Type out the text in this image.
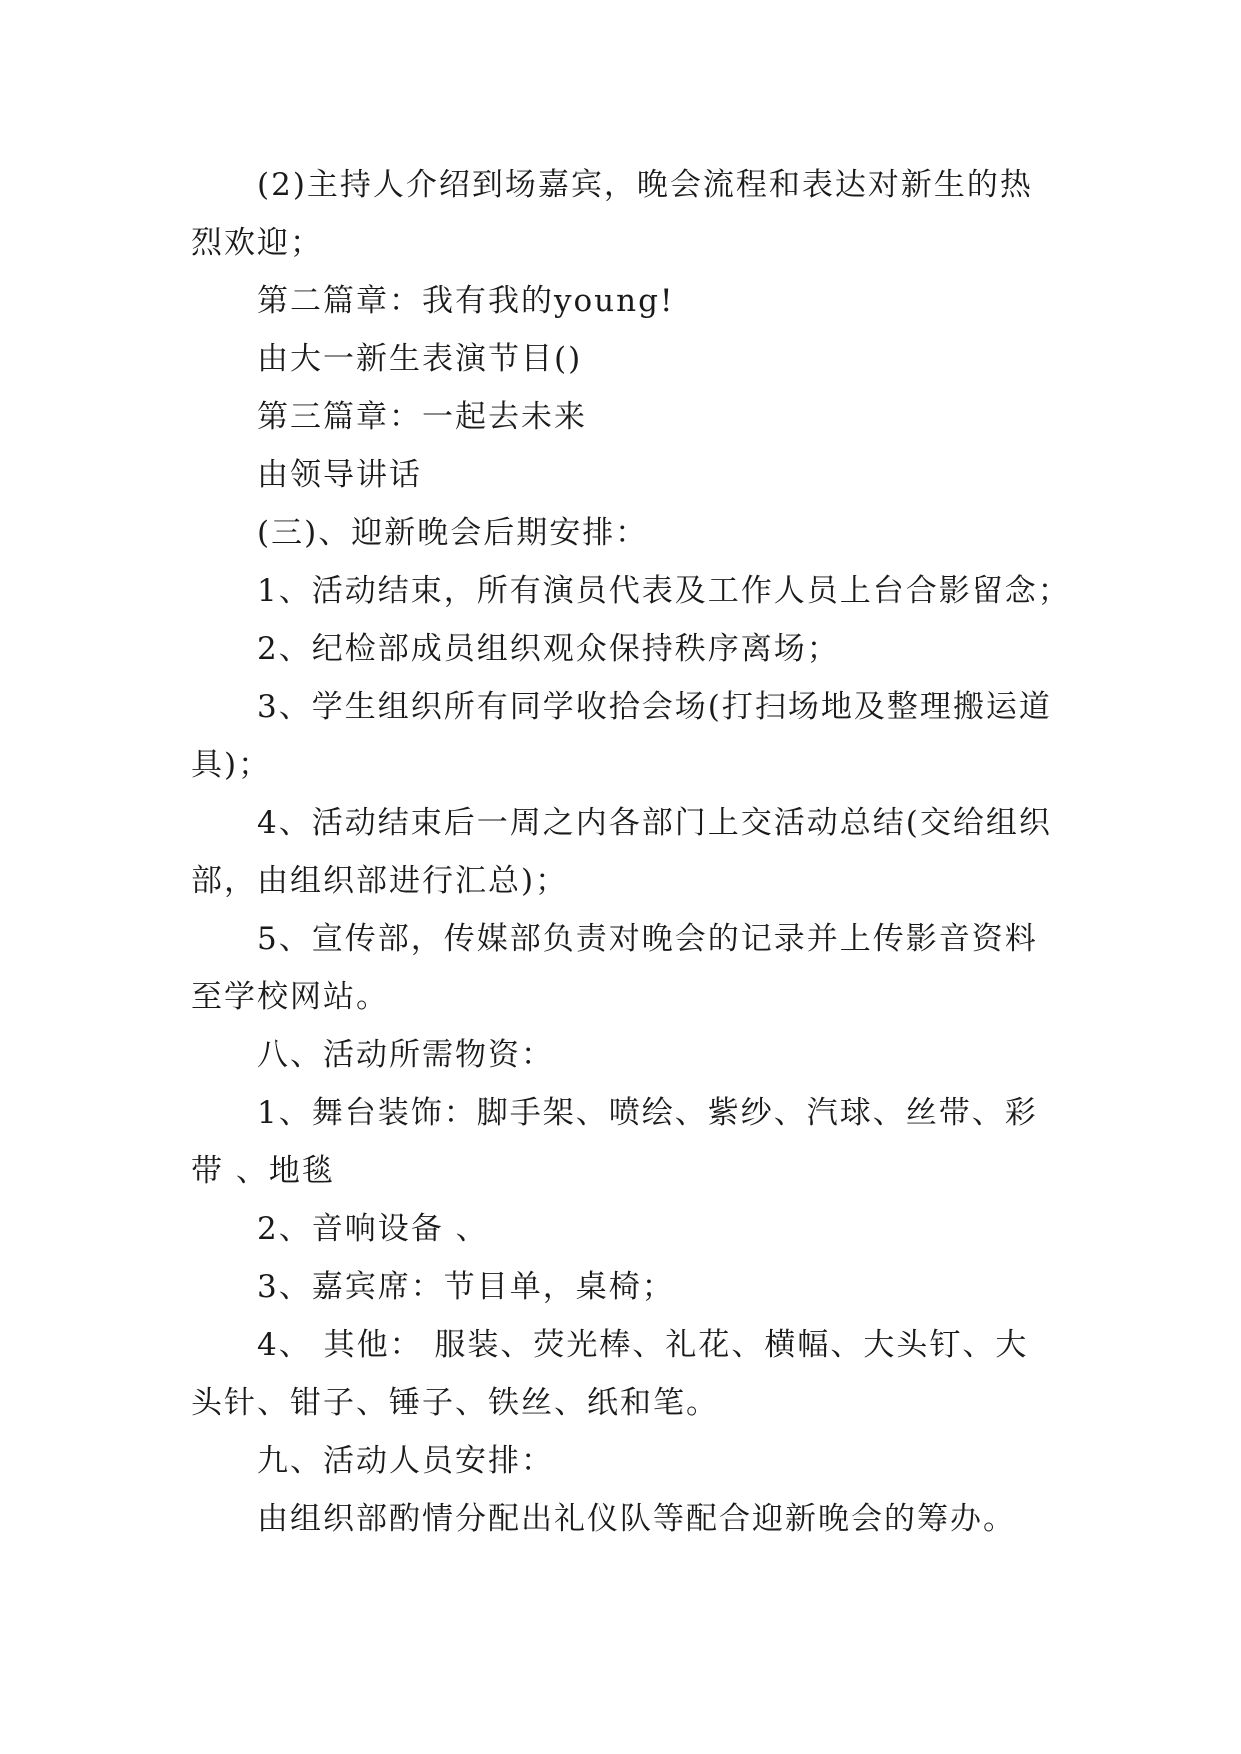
(2)主持人介绍到场嘉宾，晚会流程和表达对新生的热
烈欢迎；
第二篇章：我有我的young!
由大一新生表演节目()
第三篇章：一起去未来
由领导讲话
(三)、迎新晚会后期安排：
1、活动结束，所有演员代表及工作人员上台合影留念；
2、纪检部成员组织观众保持秩序离场；
3、学生组织所有同学收拾会场(打扫场地及整理搬运道
具)；
4、活动结束后一周之内各部门上交活动总结(交给组织
部，由组织部进行汇总)；
5、宣传部，传媒部负责对晚会的记录并上传影音资料
至学校网站。
八、活动所需物资：
1、舞台装饰：脚手架、喷绘、紫纱、汽球、丝带、彩
带 、地毯
2、音响设备 、
3、嘉宾席：节目单，桌椅；
4、 其他： 服装、荧光棒、礼花、横幅、大头钉、大
头针、钳子、锤子、铁丝、纸和笔。
九、活动人员安排：
由组织部酌情分配出礼仪队等配合迎新晚会的筹办。
